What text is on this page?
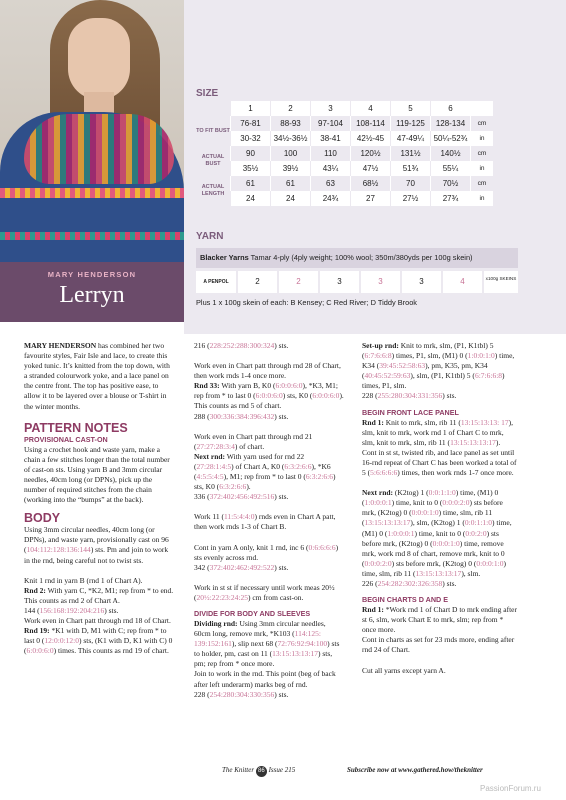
MARY HENDERSON
Lerryn
SIZE
	1	2	3	4	5	6	
TO FIT BUST	76-81	88-93	97-104	108-114	119-125	128-134	cm
	30-32	34½-36½	38-41	42½-45	47-49¼	50¼-52¾	in
ACTUAL BUST	90	100	110	120½	131½	140½	cm
	35½	39½	43¼	47½	51¾	55¼	in
ACTUAL LENGTH	61	61	63	68½	70	70½	cm
	24	24	24¾	27	27½	27¾	in
YARN
Blacker Yarns Tamar 4-ply (4ply weight; 100% wool; 350m/380yds per 100g skein)
A PENPOL	2	2	3	3	3	4	x100g SKEINS
Plus 1 x 100g skein of each: B Kensey; C Red River; D Tiddy Brook

MARY HENDERSON has combined her two favourite styles, Fair Isle and lace, to create this yoked tunic. It’s knitted from the top down, with a stranded colourwork yoke, and a lace panel on the centre front. The top has positive ease, to allow it to be layered over a blouse or T-shirt in the winter months.

PATTERN NOTES
PROVISIONAL CAST-ON

Using a crochet hook and waste yarn, make a chain a few stitches longer than the total number of cast-on sts. Using yarn B and 3mm circular needles, 40cm long (or DPNs), pick up the number of required stitches from the chain (working into the “bumps” at the back).

BODY

Using 3mm circular needles, 40cm long (or DPNs), and waste yarn, provisionally cast on 96 (104:112:128:136:144) sts. Pm and join to work in the rnd, being careful not to twist sts.

Knit 1 rnd in yarn B (rnd 1 of Chart A).

Rnd 2: With yarn C, *K2, M1; rep from * to end. This counts as rnd 2 of Chart A.

144 (156:168:192:204:216) sts.

Work even in Chart patt through rnd 18 of Chart.

Rnd 19: *K1 with D, M1 with C; rep from * to last 0 (12:0:0:12:0) sts, (K1 with D, K1 with C) 0 (6:0:0:6:0) times. This counts as rnd 19 of chart.

216 (228:252:288:300:324) sts.

Work even in Chart patt through rnd 28 of Chart, then work rnds 1-4 once more.

Rnd 33: With yarn B, K0 (6:0:0:6:0), *K3, M1; rep from * to last 0 (6:0:0:6:0) sts, K0 (6:0:0:6:0). This counts as rnd 5 of chart.

288 (300:336:384:396:432) sts.

Work even in Chart patt through rnd 21 (27:27:28:3:4) of chart.

Next rnd: With yarn used for rnd 22 (27:28:1:4:5) of Chart A, K0 (6:3:2:6:6), *K6 (4:5:5:4:5), M1; rep from * to last 0 (6:3:2:6:6) sts, K0 (6:3:2:6:6).

336 (372:402:456:492:516) sts.

Work 11 (11:5:4:4:0) rnds even in Chart A patt, then work rnds 1-3 of Chart B.

Cont in yarn A only, knit 1 rnd, inc 6 (0:6:6:6:6) sts evenly across rnd.

342 (372:402:462:492:522) sts.

Work in st st if necessary until work meas 20½ (20½:22:23:24:25) cm from cast-on.

DIVIDE FOR BODY AND SLEEVES

Dividing rnd: Using 3mm circular needles, 60cm long, remove mrk, *K103 (114:125: 139:152:161), slip next 68 (72:76:92:94:100) sts to holder, pm, cast on 11 (13:15:13:13:17) sts, pm; rep from * once more.

Join to work in the rnd. This point (beg of back after left underarm) marks beg of rnd.

228 (254:280:304:330:356) sts.

Set-up rnd: Knit to mrk, slm, (P1, K1tbl) 5 (6:7:6:6:8) times, P1, slm, (M1) 0 (1:0:0:1:0) time, K34 (39:45:52:58:63), pm, K35, pm, K34 (40:45:52:59:63), slm, (P1, K1tbl) 5 (6:7:6:6:8) times, P1, slm.

228 (255:280:304:331:356) sts.

BEGIN FRONT LACE PANEL

Rnd 1: Knit to mrk, slm, rib 11 (13:15:13:13: 17), slm, knit to mrk, work rnd 1 of Chart C to mrk, slm, knit to mrk, slm, rib 11 (13:15:13:13:17).

Cont in st st, twisted rib, and lace panel as set until 16-rnd repeat of Chart C has been worked a total of 5 (5:6:6:6:6) times, then work rnds 1-7 once more.

Next rnd: (K2tog) 1 (0:0:1:1:0) time, (M1) 0 (1:0:0:0:1) time, knit to 0 (0:0:0:2:0) sts before mrk, (K2tog) 0 (0:0:0:1:0) time, slm, rib 11 (13:15:13:13:17), slm, (K2tog) 1 (0:0:1:1:0) time, (M1) 0 (1:0:0:0:1) time, knit to 0 (0:0:2:0) sts before mrk, (K2tog) 0 (0:0:0:1:0) time, remove mrk, work rnd 8 of chart, remove mrk, knit to 0 (0:0:0:2:0) sts before mrk, (K2tog) 0 (0:0:0:1:0) time, slm, rib 11 (13:15:13:13:17), slm.

226 (254:282:302:326:358) sts.

BEGIN CHARTS D AND E

Rnd 1: *Work rnd 1 of Chart D to mrk ending after st 6, slm, work Chart E to mrk, slm; rep from * once more.

Cont in charts as set for 23 rnds more, ending after rnd 24 of Chart.

Cut all yarns except yarn A.

The Knitter 86 Issue 215	Subscribe now at www.gathered.how/theknitter
PassionForum.ru
